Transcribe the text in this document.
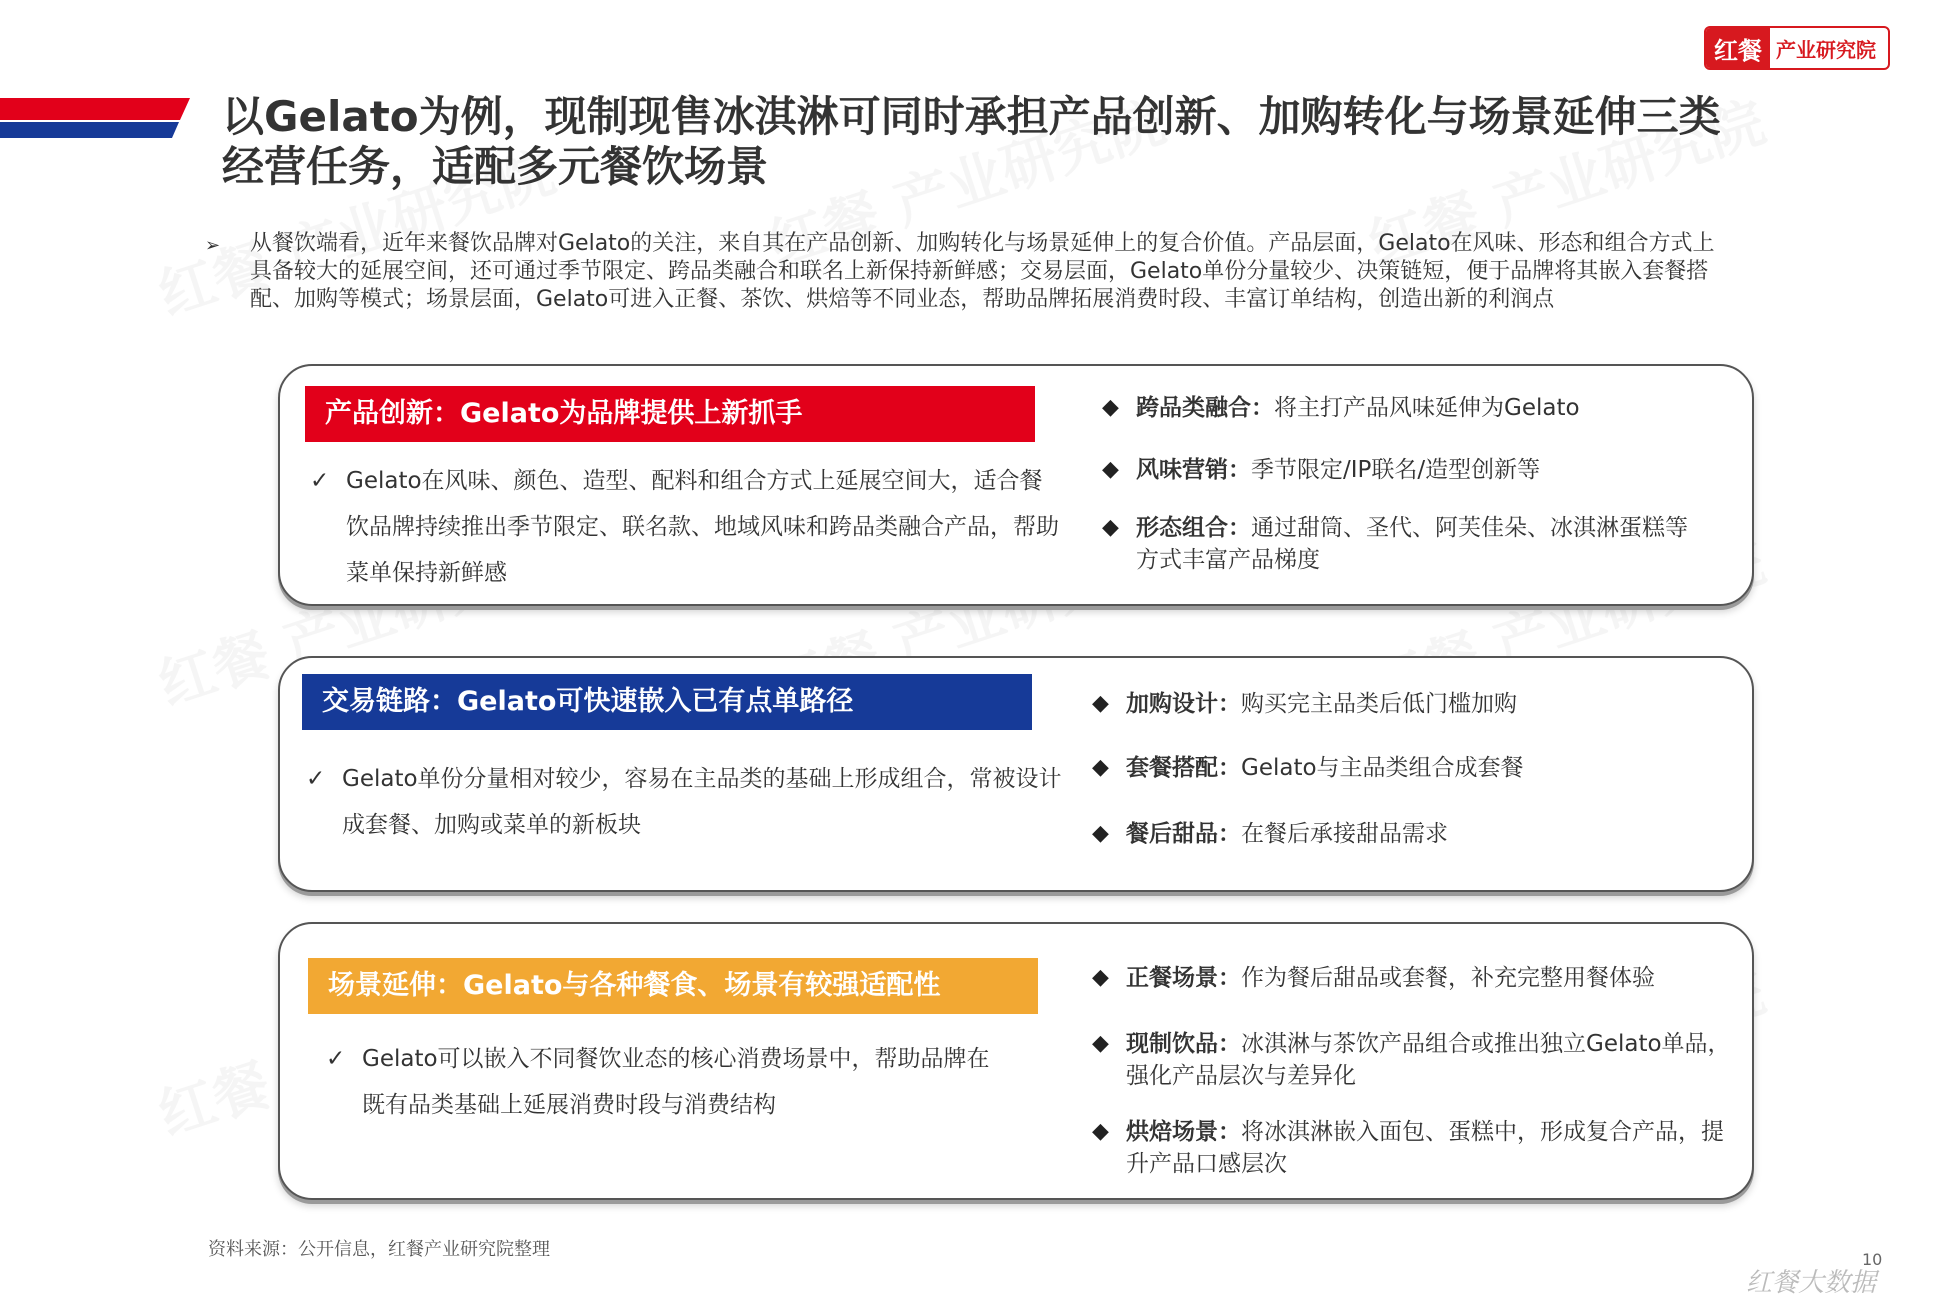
红餐 产业研究院
以Gelato为例，现制现售冰淇淋可同时承担产品创新、加购转化与场景延伸三类经营任务，适配多元餐饮场景
➢ 从餐饮端看，近年来餐饮品牌对Gelato的关注，来自其在产品创新、加购转化与场景延伸上的复合价值。产品层面，Gelato在风味、形态和组合方式上具备较大的延展空间，还可通过季节限定、跨品类融合和联名上新保持新鲜感；交易层面，Gelato单份分量较少、决策链短，便于品牌将其嵌入套餐搭配、加购等模式；场景层面，Gelato可进入正餐、茶饮、烘焙等不同业态，帮助品牌拓展消费时段、丰富订单结构，创造出新的利润点
产品创新：Gelato为品牌提供上新抓手
✓ Gelato在风味、颜色、造型、配料和组合方式上延展空间大，适合餐饮品牌持续推出季节限定、联名款、地域风味和跨品类融合产品，帮助菜单保持新鲜感
◆ 跨品类融合：将主打产品风味延伸为Gelato
◆ 风味营销：季节限定/IP联名/造型创新等
◆ 形态组合：通过甜筒、圣代、阿芙佳朵、冰淇淋蛋糕等方式丰富产品梯度
交易链路：Gelato可快速嵌入已有点单路径
✓ Gelato单份分量相对较少，容易在主品类的基础上形成组合，常被设计成套餐、加购或菜单的新板块
◆ 加购设计：购买完主品类后低门槛加购
◆ 套餐搭配：Gelato与主品类组合成套餐
◆ 餐后甜品：在餐后承接甜品需求
场景延伸：Gelato与各种餐食、场景有较强适配性
✓ Gelato可以嵌入不同餐饮业态的核心消费场景中，帮助品牌在既有品类基础上延展消费时段与消费结构
◆ 正餐场景：作为餐后甜品或套餐，补充完整用餐体验
◆ 现制饮品：冰淇淋与茶饮产品组合或推出独立Gelato单品，强化产品层次与差异化
◆ 烘焙场景：将冰淇淋嵌入面包、蛋糕中，形成复合产品，提升产品口感层次
资料来源：公开信息，红餐产业研究院整理	10
红餐大数据
